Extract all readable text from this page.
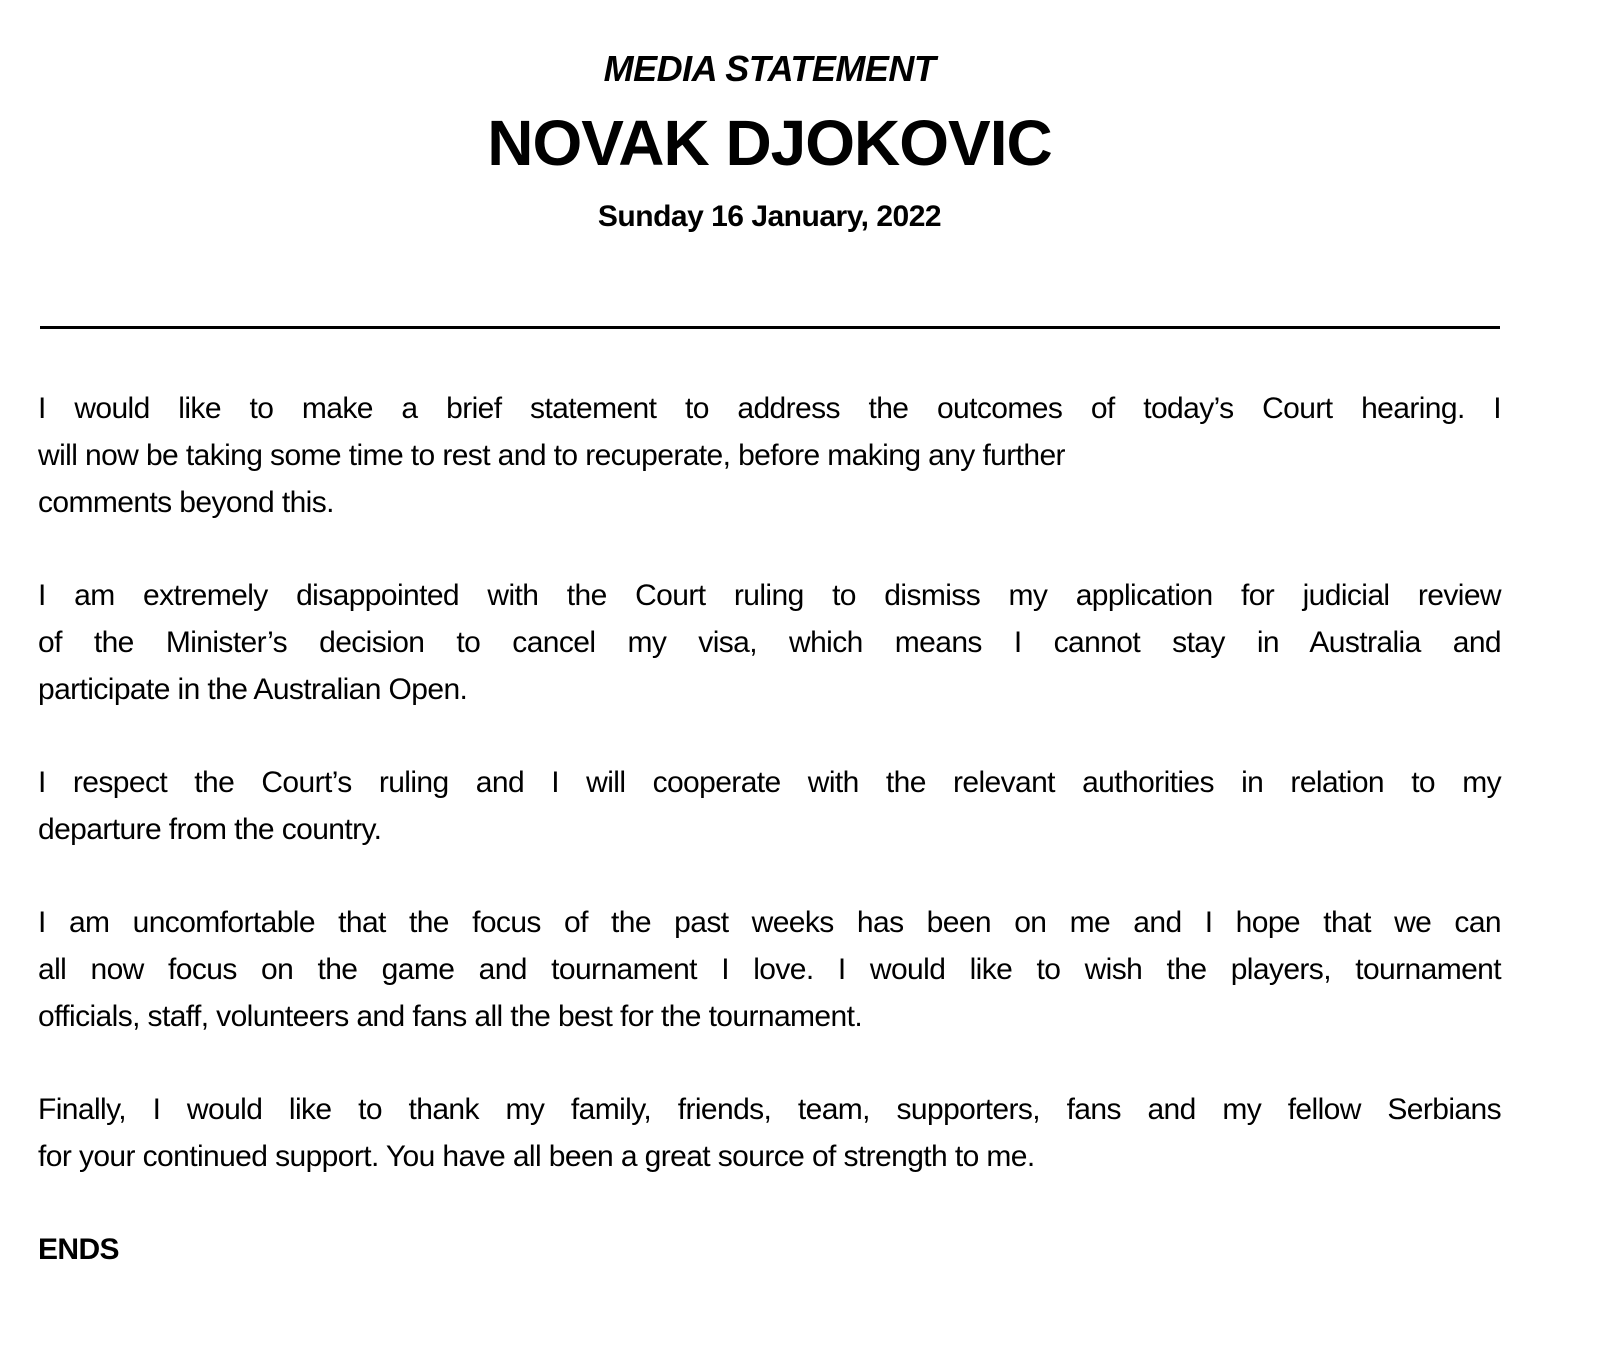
MEDIA STATEMENT
NOVAK DJOKOVIC
Sunday 16 January, 2022
I would like to make a brief statement to address the outcomes of today’s Court hearing. I
will now be taking some time to rest and to recuperate, before making any further
comments beyond this.
I am extremely disappointed with the Court ruling to dismiss my application for judicial review
of the Minister’s decision to cancel my visa, which means I cannot stay in Australia and
participate in the Australian Open.
I respect the Court’s ruling and I will cooperate with the relevant authorities in relation to my
departure from the country.
I am uncomfortable that the focus of the past weeks has been on me and I hope that we can
all now focus on the game and tournament I love. I would like to wish the players, tournament
officials, staff, volunteers and fans all the best for the tournament.
Finally, I would like to thank my family, friends, team, supporters, fans and my fellow Serbians
for your continued support. You have all been a great source of strength to me.
ENDS
